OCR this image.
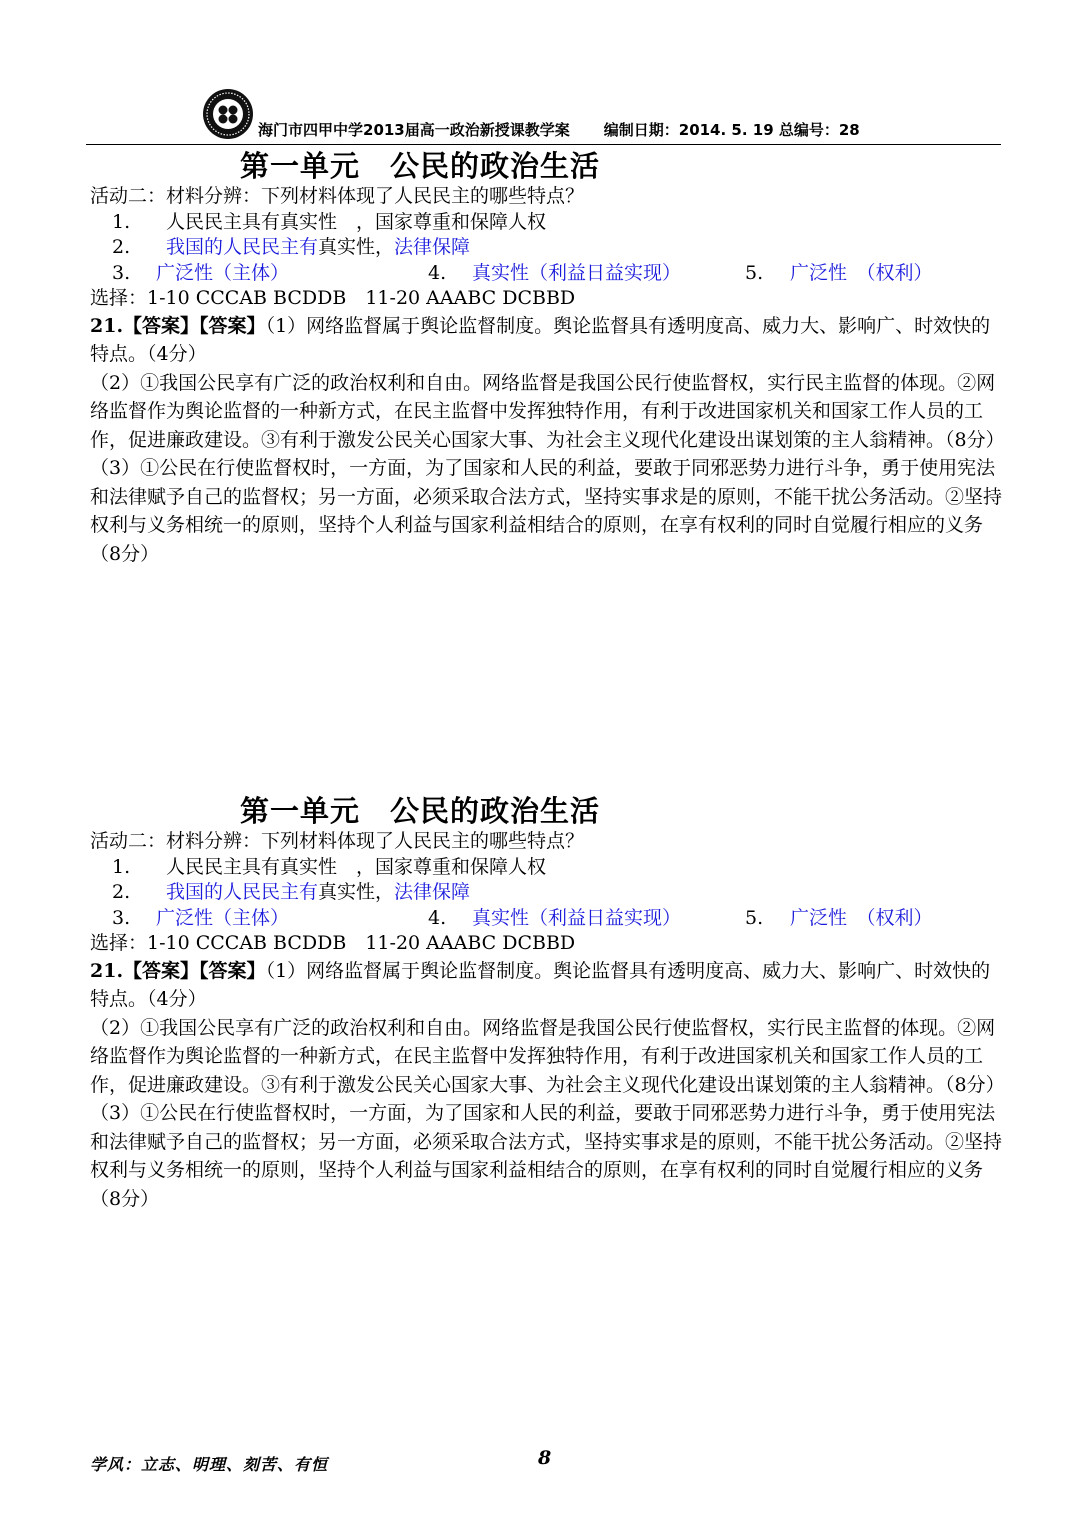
海门市四甲中学2013届高一政治新授课教学案 编制日期：2014. 5. 19 总编号：28
第一单元 公民的政治生活
活动二：材料分辨：下列材料体现了人民民主的哪些特点？
1. 人民民主具有真实性　，国家尊重和保障人权
2. 我国的人民民主有真实性，法律保障
3. 广泛性（主体）	4. 真实性（利益日益实现）	5. 广泛性　（权利）
选择：1-10 CCCAB BCDDB　11-20 AAABC DCBBD

21.【答案】【答案】（1）网络监督属于舆论监督制度。舆论监督具有透明度高、威力大、影响广、时效快的特点。（4分）

（2）①我国公民享有广泛的政治权利和自由。网络监督是我国公民行使监督权，实行民主监督的体现。②网络监督作为舆论监督的一种新方式，在民主监督中发挥独特作用，有利于改进国家机关和国家工作人员的工作，促进廉政建设。③有利于激发公民关心国家大事、为社会主义现代化建设出谋划策的主人翁精神。（8分）

（3）①公民在行使监督权时，一方面，为了国家和人民的利益，要敢于同邪恶势力进行斗争，勇于使用宪法和法律赋予自己的监督权；另一方面，必须采取合法方式，坚持实事求是的原则，不能干扰公务活动。②坚持权利与义务相统一的原则，坚持个人利益与国家利益相结合的原则，在享有权利的同时自觉履行相应的义务（8分）

第一单元 公民的政治生活
活动二：材料分辨：下列材料体现了人民民主的哪些特点？
1. 人民民主具有真实性　，国家尊重和保障人权
2. 我国的人民民主有真实性，法律保障
3. 广泛性（主体）	4. 真实性（利益日益实现）	5. 广泛性　（权利）
选择：1-10 CCCAB BCDDB　11-20 AAABC DCBBD

21.【答案】【答案】（1）网络监督属于舆论监督制度。舆论监督具有透明度高、威力大、影响广、时效快的特点。（4分）

（2）①我国公民享有广泛的政治权利和自由。网络监督是我国公民行使监督权，实行民主监督的体现。②网络监督作为舆论监督的一种新方式，在民主监督中发挥独特作用，有利于改进国家机关和国家工作人员的工作，促进廉政建设。③有利于激发公民关心国家大事、为社会主义现代化建设出谋划策的主人翁精神。（8分）

（3）①公民在行使监督权时，一方面，为了国家和人民的利益，要敢于同邪恶势力进行斗争，勇于使用宪法和法律赋予自己的监督权；另一方面，必须采取合法方式，坚持实事求是的原则，不能干扰公务活动。②坚持权利与义务相统一的原则，坚持个人利益与国家利益相结合的原则，在享有权利的同时自觉履行相应的义务（8分）

学风：立志、明理、刻苦、有恒	8
